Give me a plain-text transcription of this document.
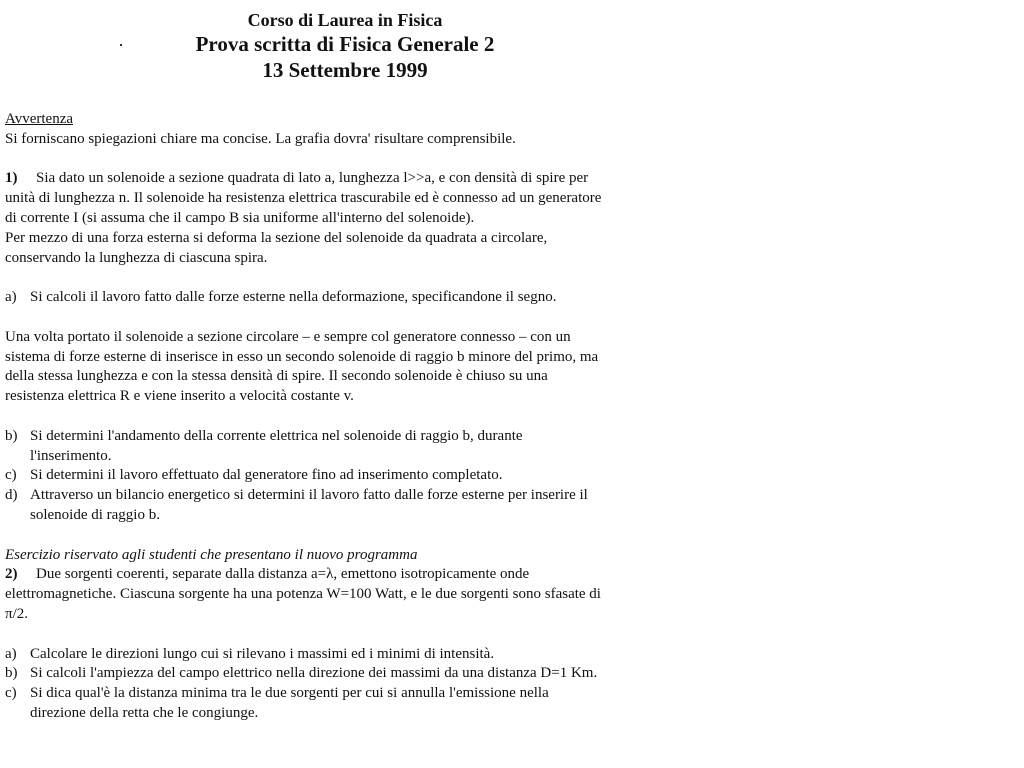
Corso di Laurea in Fisica
Prova scritta di Fisica Generale 2
13 Settembre 1999
Avvertenza
Si forniscano spiegazioni chiare ma concise. La grafia dovra' risultare comprensibile.
1) Sia dato un solenoide a sezione quadrata di lato a, lunghezza l>>a, e con densità di spire per
unità di lunghezza n. Il solenoide ha resistenza elettrica trascurabile ed è connesso ad un generatore
di corrente I (si assuma che il campo B sia uniforme all'interno del solenoide).
Per mezzo di una forza esterna si deforma la sezione del solenoide da quadrata a circolare,
conservando la lunghezza di ciascuna spira.
a) Si calcoli il lavoro fatto dalle forze esterne nella deformazione, specificandone il segno.
Una volta portato il solenoide a sezione circolare – e sempre col generatore connesso – con un
sistema di forze esterne di inserisce in esso un secondo solenoide di raggio b minore del primo, ma
della stessa lunghezza e con la stessa densità di spire. Il secondo solenoide è chiuso su una
resistenza elettrica R e viene inserito a velocità costante v.
b) Si determini l'andamento della corrente elettrica nel solenoide di raggio b, durante
l'inserimento.
c) Si determini il lavoro effettuato dal generatore fino ad inserimento completato.
d) Attraverso un bilancio energetico si determini il lavoro fatto dalle forze esterne per inserire il
solenoide di raggio b.
Esercizio riservato agli studenti che presentano il nuovo programma
2) Due sorgenti coerenti, separate dalla distanza a=λ, emettono isotropicamente onde
elettromagnetiche. Ciascuna sorgente ha una potenza W=100 Watt, e le due sorgenti sono sfasate di
π/2.
a) Calcolare le direzioni lungo cui si rilevano i massimi ed i minimi di intensità.
b) Si calcoli l'ampiezza del campo elettrico nella direzione dei massimi da una distanza D=1 Km.
c) Si dica qual'è la distanza minima tra le due sorgenti per cui si annulla l'emissione nella
direzione della retta che le congiunge.
